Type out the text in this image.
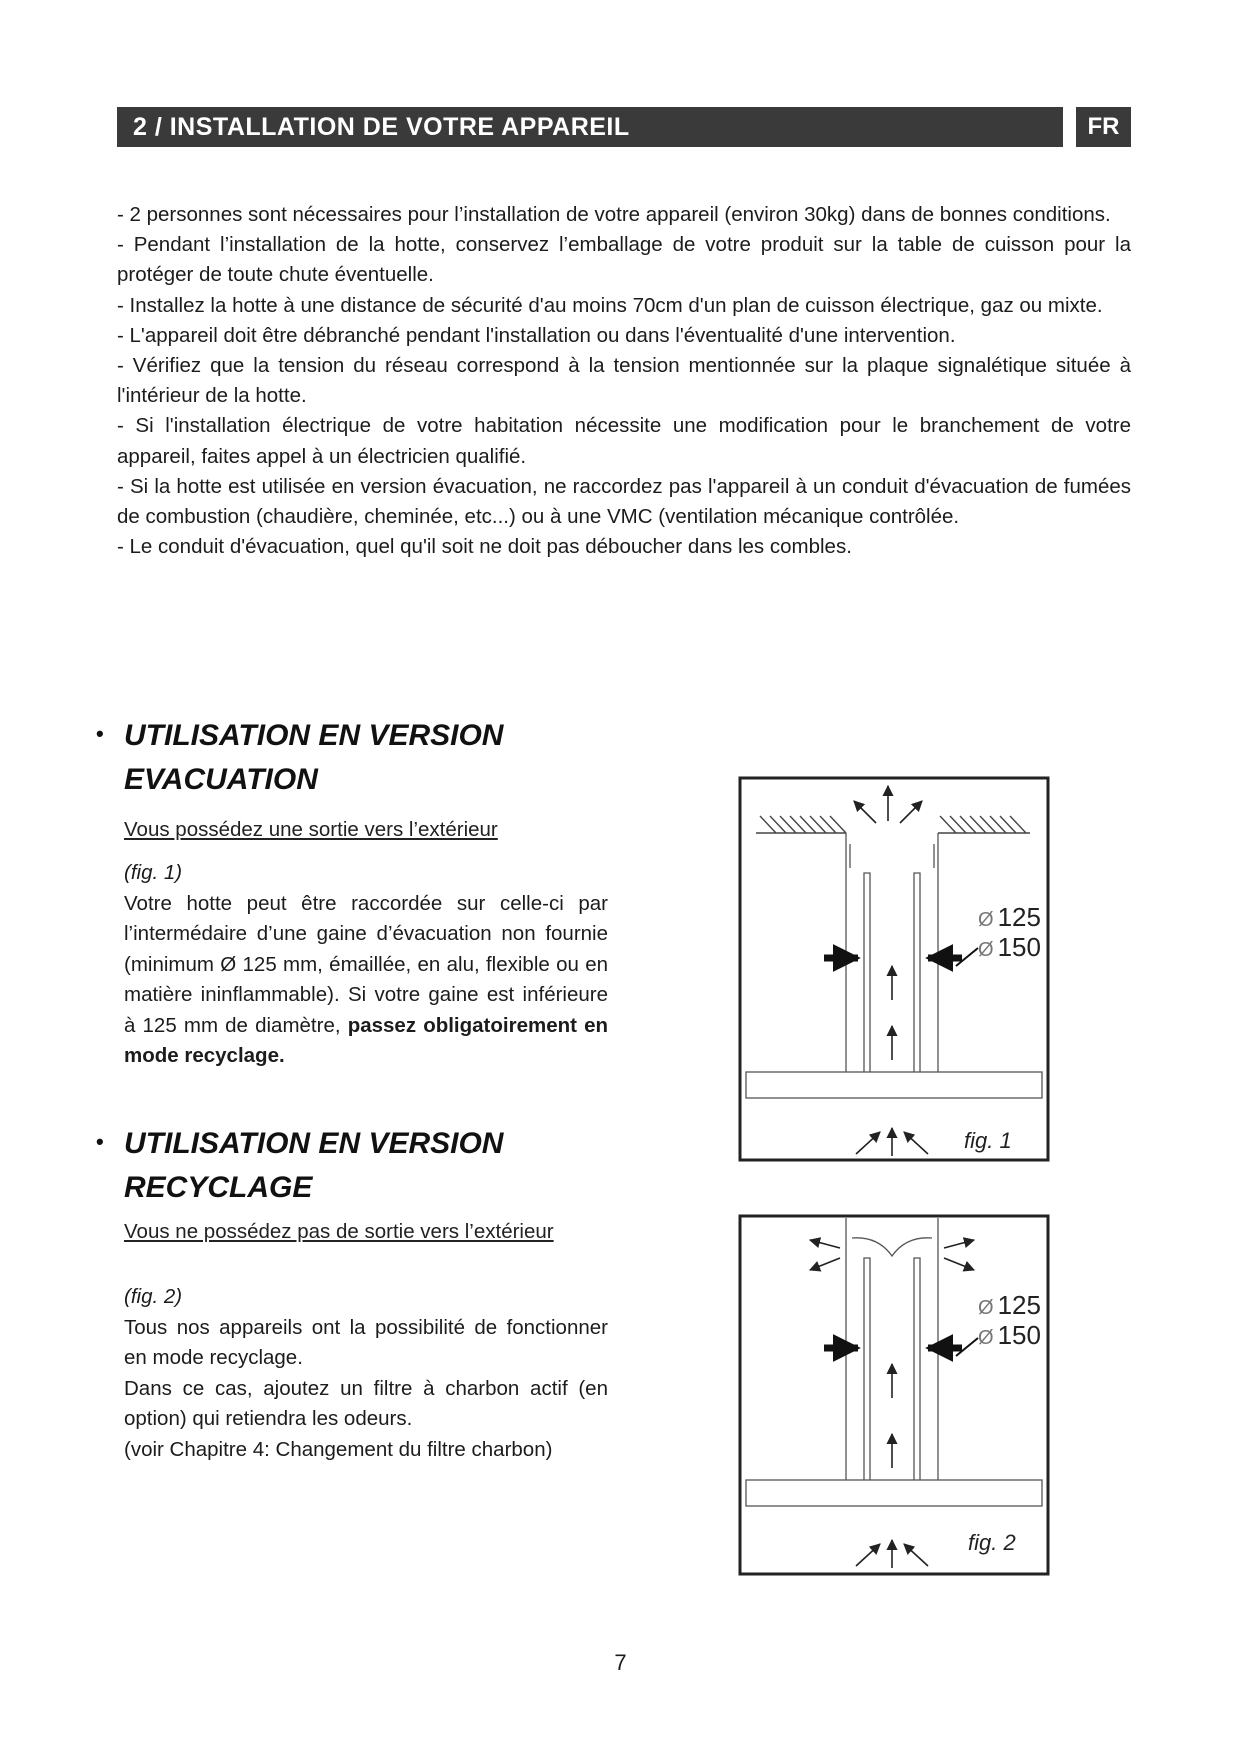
2 / INSTALLATION DE VOTRE APPAREIL	FR

- 2 personnes sont nécessaires pour l’installation de votre appareil (environ 30kg) dans de bonnes conditions.

- Pendant l’installation de la hotte, conservez l’emballage de votre produit sur la table de cuisson pour la protéger de toute chute éventuelle.

- Installez la hotte à une distance de sécurité d'au moins 70cm d'un plan de cuisson électrique, gaz ou mixte.

- L'appareil doit être débranché pendant l'installation ou dans l'éventualité d'une intervention.

- Vérifiez que la tension du réseau correspond à la tension mentionnée sur la plaque signalétique située à l'intérieur de la hotte.

- Si l'installation électrique de votre habitation nécessite une modification pour le branchement de votre appareil, faites appel à un électricien qualifié.

- Si la hotte est utilisée en version évacuation, ne raccordez pas l'appareil à un conduit d'évacuation de fumées de combustion (chaudière, cheminée, etc...) ou à une VMC (ventilation mécanique contrôlée.

- Le conduit d'évacuation, quel qu'il soit ne doit pas déboucher dans les combles.

• UTILISATION EN VERSION
EVACUATION
Vous possédez une sortie vers l’extérieur

(fig. 1)

Votre hotte peut être raccordée sur celle-ci par l’intermédaire d’une gaine d’évacuation non fournie (minimum Ø 125 mm, émaillée, en alu, flexible ou en matière ininflammable). Si votre gaine est inférieure à 125 mm de diamètre, passez obligatoirement en mode recyclage.

• UTILISATION EN VERSION
RECYCLAGE
Vous ne possédez pas de sortie vers l’extérieur

(fig. 2)

Tous nos appareils ont la possibilité de fonctionner en mode recyclage.

Dans ce cas, ajoutez un filtre à charbon actif (en option) qui retiendra les odeurs.

(voir Chapitre 4: Changement du filtre charbon)

Ø 125
Ø 150
fig. 1
Ø 125
Ø 150
fig. 2
7
